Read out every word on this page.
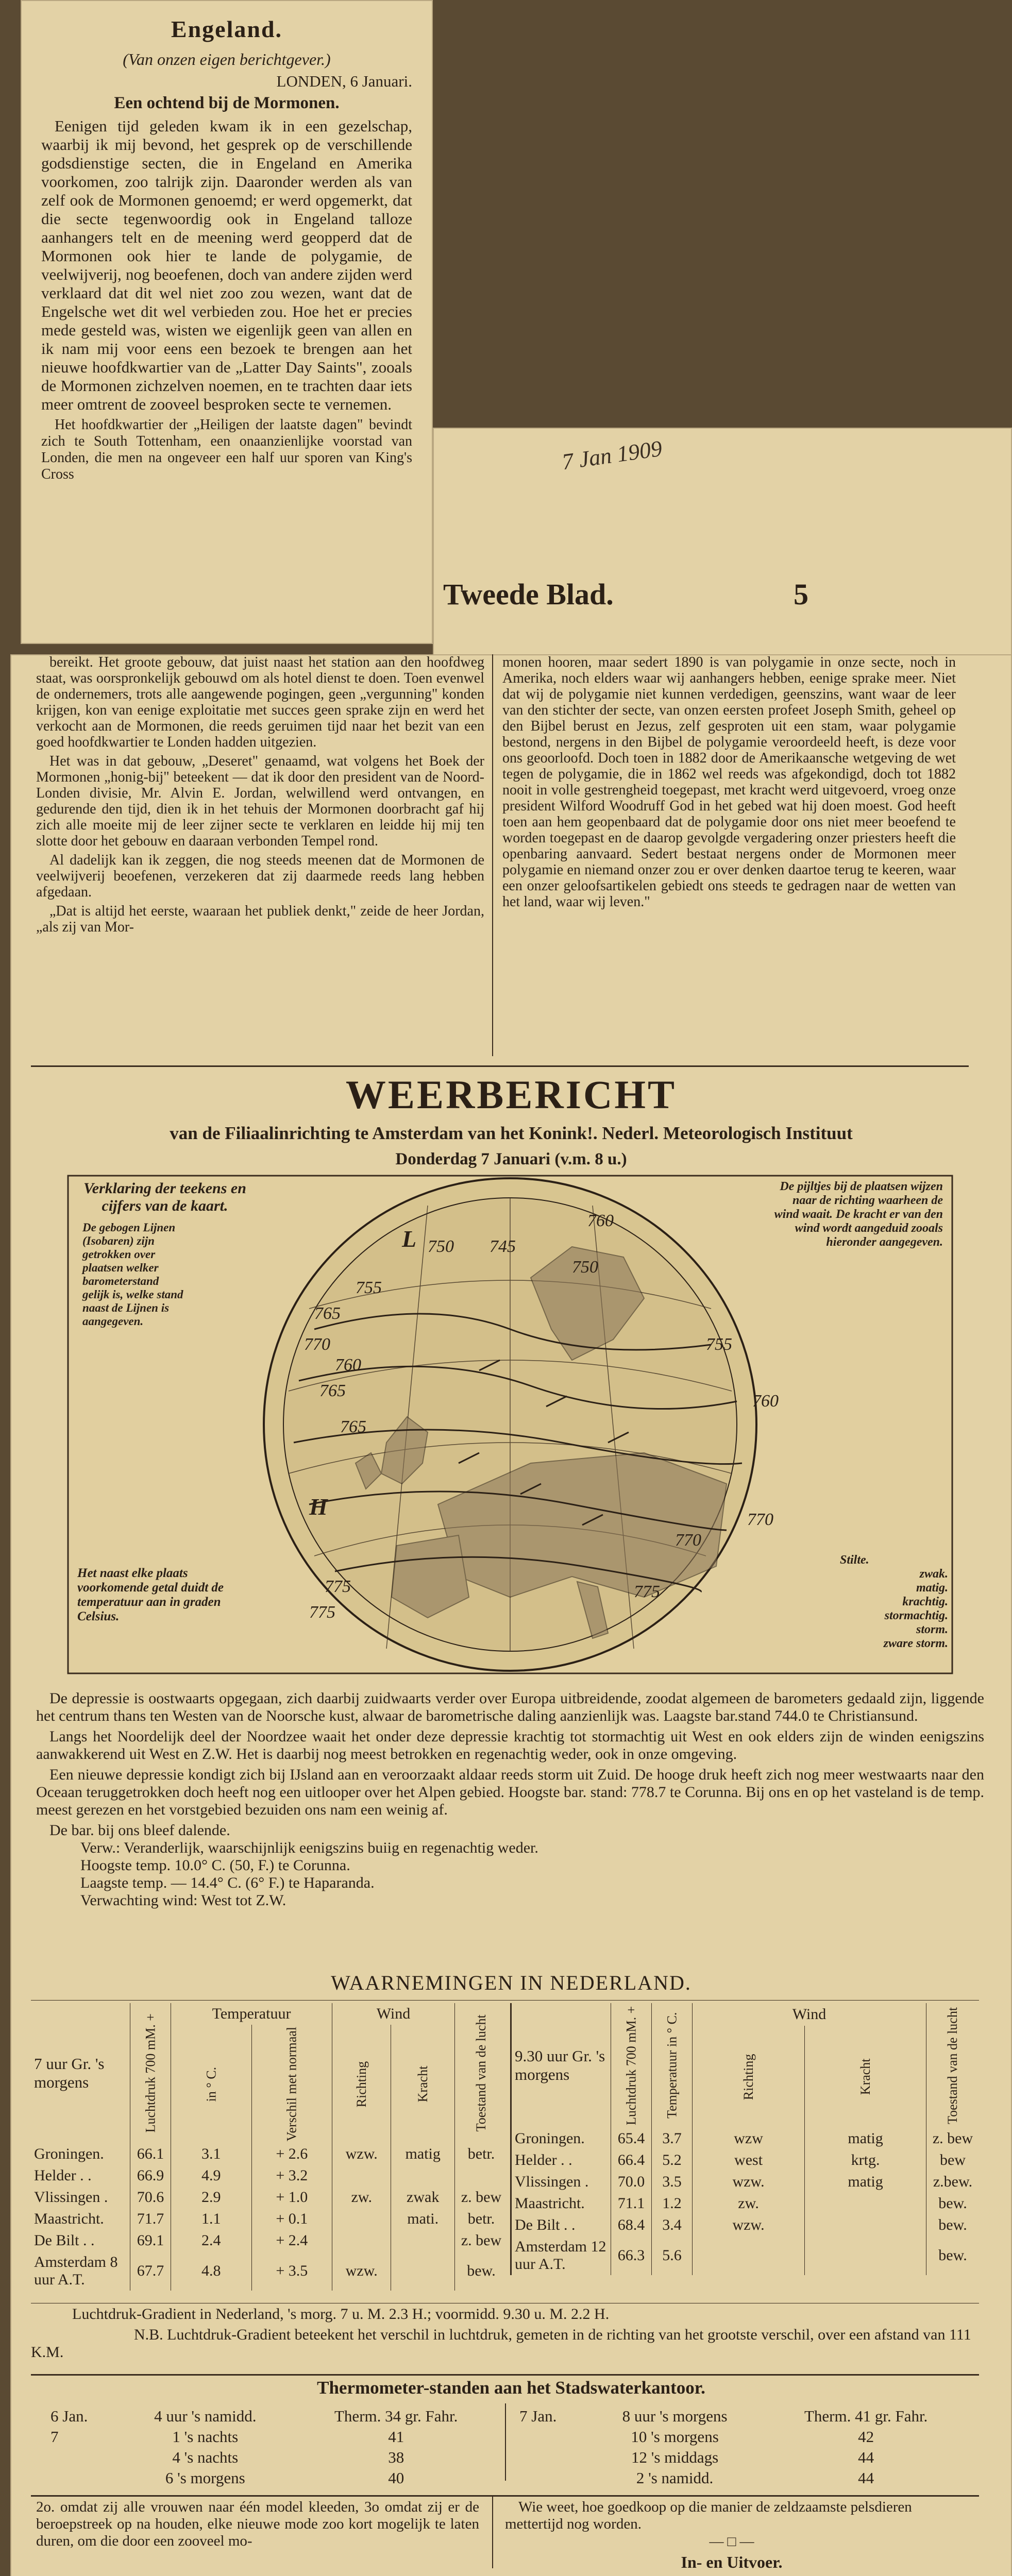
Engeland.
(Van onzen eigen berichtgever.)
LONDEN, 6 Januari.
Een ochtend bij de Mormonen.

Eenigen tijd geleden kwam ik in een gezelschap, waarbij ik mij bevond, het gesprek op de verschillende godsdienstige secten, die in Engeland en Amerika voorkomen, zoo talrijk zijn. Daaronder werden als van zelf ook de Mormonen genoemd; er werd opgemerkt, dat die secte tegenwoordig ook in Engeland talloze aanhangers telt en de meening werd geopperd dat de Mormonen ook hier te lande de polygamie, de veelwijverij, nog beoefenen, doch van andere zijden werd verklaard dat dit wel niet zoo zou wezen, want dat de Engelsche wet dit wel verbieden zou. Hoe het er precies mede gesteld was, wisten we eigenlijk geen van allen en ik nam mij voor eens een bezoek te brengen aan het nieuwe hoofdkwartier van de „Latter Day Saints", zooals de Mormonen zichzelven noemen, en te trachten daar iets meer omtrent de zooveel besproken secte te vernemen.

Het hoofdkwartier der „Heiligen der laatste dagen" bevindt zich te South Tottenham, een onaanzienlijke voorstad van Londen, die men na ongeveer een half uur sporen van King's Cross	7 Jan 1909
Tweede Blad.	5

bereikt. Het groote gebouw, dat juist naast het station aan den hoofdweg staat, was oorspronkelijk gebouwd om als hotel dienst te doen. Toen evenwel de ondernemers, trots alle aangewende pogingen, geen „vergunning" konden krijgen, kon van eenige exploitatie met succes geen sprake zijn en werd het verkocht aan de Mormonen, die reeds geruimen tijd naar het bezit van een goed hoofdkwartier te Londen hadden uitgezien.

Het was in dat gebouw, „Deseret" genaamd, wat volgens het Boek der Mormonen „honig-bij" beteekent — dat ik door den president van de Noord-Londen divisie, Mr. Alvin E. Jordan, welwillend werd ontvangen, en gedurende den tijd, dien ik in het tehuis der Mormonen doorbracht gaf hij zich alle moeite mij de leer zijner secte te verklaren en leidde hij mij ten slotte door het gebouw en daaraan verbonden Tempel rond.

Al dadelijk kan ik zeggen, die nog steeds meenen dat de Mormonen de veelwijverij beoefenen, verzekeren dat zij daarmede reeds lang hebben afgedaan.

„Dat is altijd het eerste, waaraan het publiek denkt," zeide de heer Jordan, „als zij van Mor-

monen hooren, maar sedert 1890 is van polygamie in onze secte, noch in Amerika, noch elders waar wij aanhangers hebben, eenige sprake meer. Niet dat wij de polygamie niet kunnen verdedigen, geenszins, want waar de leer van den stichter der secte, van onzen eersten profeet Joseph Smith, geheel op den Bijbel berust en Jezus, zelf gesproten uit een stam, waar polygamie bestond, nergens in den Bijbel de polygamie veroordeeld heeft, is deze voor ons geoorloofd. Doch toen in 1882 door de Amerikaansche wetgeving de wet tegen de polygamie, die in 1862 wel reeds was afgekondigd, doch tot 1882 nooit in volle gestrengheid toegepast, met kracht werd uitgevoerd, vroeg onze president Wilford Woodruff God in het gebed wat hij doen moest. God heeft toen aan hem geopenbaard dat de polygamie door ons niet meer beoefend te worden toegepast en de daarop gevolgde vergadering onzer priesters heeft die openbaring aanvaard. Sedert bestaat nergens onder de Mormonen meer polygamie en niemand onzer zou er over denken daartoe terug te keeren, waar een onzer geloofsartikelen gebiedt ons steeds te gedragen naar de wetten van het land, waar wij leven."

WEERBERICHT
van de Filiaalinrichting te Amsterdam van het Konink!. Nederl. Meteorologisch Instituut
Donderdag 7 Januari (v.m. 8 u.)
750 745
750
755
760
765
770
775
760
765
770
775
755
760
770
775
765
L
H
Verklaring der teekens en cijfers van de kaart.
De gebogen Lijnen (Isobaren) zijn getrokken over plaatsen welker barometerstand gelijk is, welke stand naast de Lijnen is aangegeven.
De pijltjes bij de plaatsen wijzen naar de richting waarheen de wind waait. De kracht er van den wind wordt aangeduid zooals hieronder aangegeven.
Het naast elke plaats voorkomende getal duidt de temperatuur aan in graden Celsius.
Stilte.
zwak.
matig.
krachtig.
stormachtig.
storm.
zware storm.

De depressie is oostwaarts opgegaan, zich daarbij zuidwaarts verder over Europa uitbreidende, zoodat algemeen de barometers gedaald zijn, liggende het centrum thans ten Westen van de Noorsche kust, alwaar de barometrische daling aanzienlijk was. Laagste bar.stand 744.0 te Christiansund.

Langs het Noordelijk deel der Noordzee waait het onder deze depressie krachtig tot stormachtig uit West en ook elders zijn de winden eenigszins aanwakkerend uit West en Z.W. Het is daarbij nog meest betrokken en regenachtig weder, ook in onze omgeving.

Een nieuwe depressie kondigt zich bij IJsland aan en veroorzaakt aldaar reeds storm uit Zuid. De hooge druk heeft zich nog meer westwaarts naar den Oceaan teruggetrokken doch heeft nog een uitlooper over het Alpen gebied. Hoogste bar. stand: 778.7 te Corunna. Bij ons en op het vasteland is de temp. meest gerezen en het vorstgebied bezuiden ons nam een weinig af.

De bar. bij ons bleef dalende.

Verw.: Veranderlijk, waarschijnlijk eenigszins buiig en regenachtig weder.

Hoogste temp. 10.0° C. (50, F.) te Corunna.

Laagste temp. — 14.4° C. (6° F.) te Haparanda.

Verwachting wind: West tot Z.W.

WAARNEMINGEN IN NEDERLAND.
7 uur Gr. 's morgens	Luchtdruk 700 mM. +	Temperatuur		Wind		Toestand van de lucht
		in ° C.	Verschil met normaal	Richting	Kracht	
Groningen.	66.1	3.1	+ 2.6	wzw.	matig	betr.
Helder . .	66.9	4.9	+ 3.2			
Vlissingen .	70.6	2.9	+ 1.0	zw.	zwak	z. bew
Maastricht.	71.7	1.1	+ 0.1		mati.	betr.
De Bilt . .	69.1	2.4	+ 2.4			z. bew
Amsterdam 8 uur A.T.	67.7	4.8	+ 3.5	wzw.		bew.
9.30 uur Gr. 's morgens	Luchtdruk 700 mM. +	Temperatuur in ° C.	Wind		Toestand van de lucht
			Richting	Kracht	
Groningen.	65.4	3.7	wzw	matig	z. bew
Helder . .	66.4	5.2	west	krtg.	bew
Vlissingen .	70.0	3.5	wzw.	matig	z.bew.
Maastricht.	71.1	1.2	zw.		bew.
De Bilt . .	68.4	3.4	wzw.		bew.
Amsterdam 12 uur A.T.	66.3	5.6			bew.
Luchtdruk-Gradient in Nederland, 's morg. 7 u. M. 2.3 H.; voormidd. 9.30 u. M. 2.2 H.
N.B. Luchtdruk-Gradient beteekent het verschil in luchtdruk, gemeten in de richting van het grootste verschil, over een afstand van 111 K.M.
Thermometer-standen aan het Stadswaterkantoor.
6 Jan.	4 uur 's namidd.	Therm. 34 gr. Fahr.
7	1 's nachts	41
	4 's nachts	38
	6 's morgens	40
7 Jan.	8 uur 's morgens	Therm. 41 gr. Fahr.
	10 's morgens	42
	12 's middags	44
	2 's namidd.	44
2o. omdat zij alle vrouwen naar één model kleeden, 3o omdat zij er de beroepstreek op na houden, elke nieuwe mode zoo kort mogelijk te laten duren, om die door een zooveel mo-
Wie weet, hoe goedkoop op die manier de zeldzaamste pelsdieren mettertijd nog worden.
— □ —
In- en Uitvoer.
